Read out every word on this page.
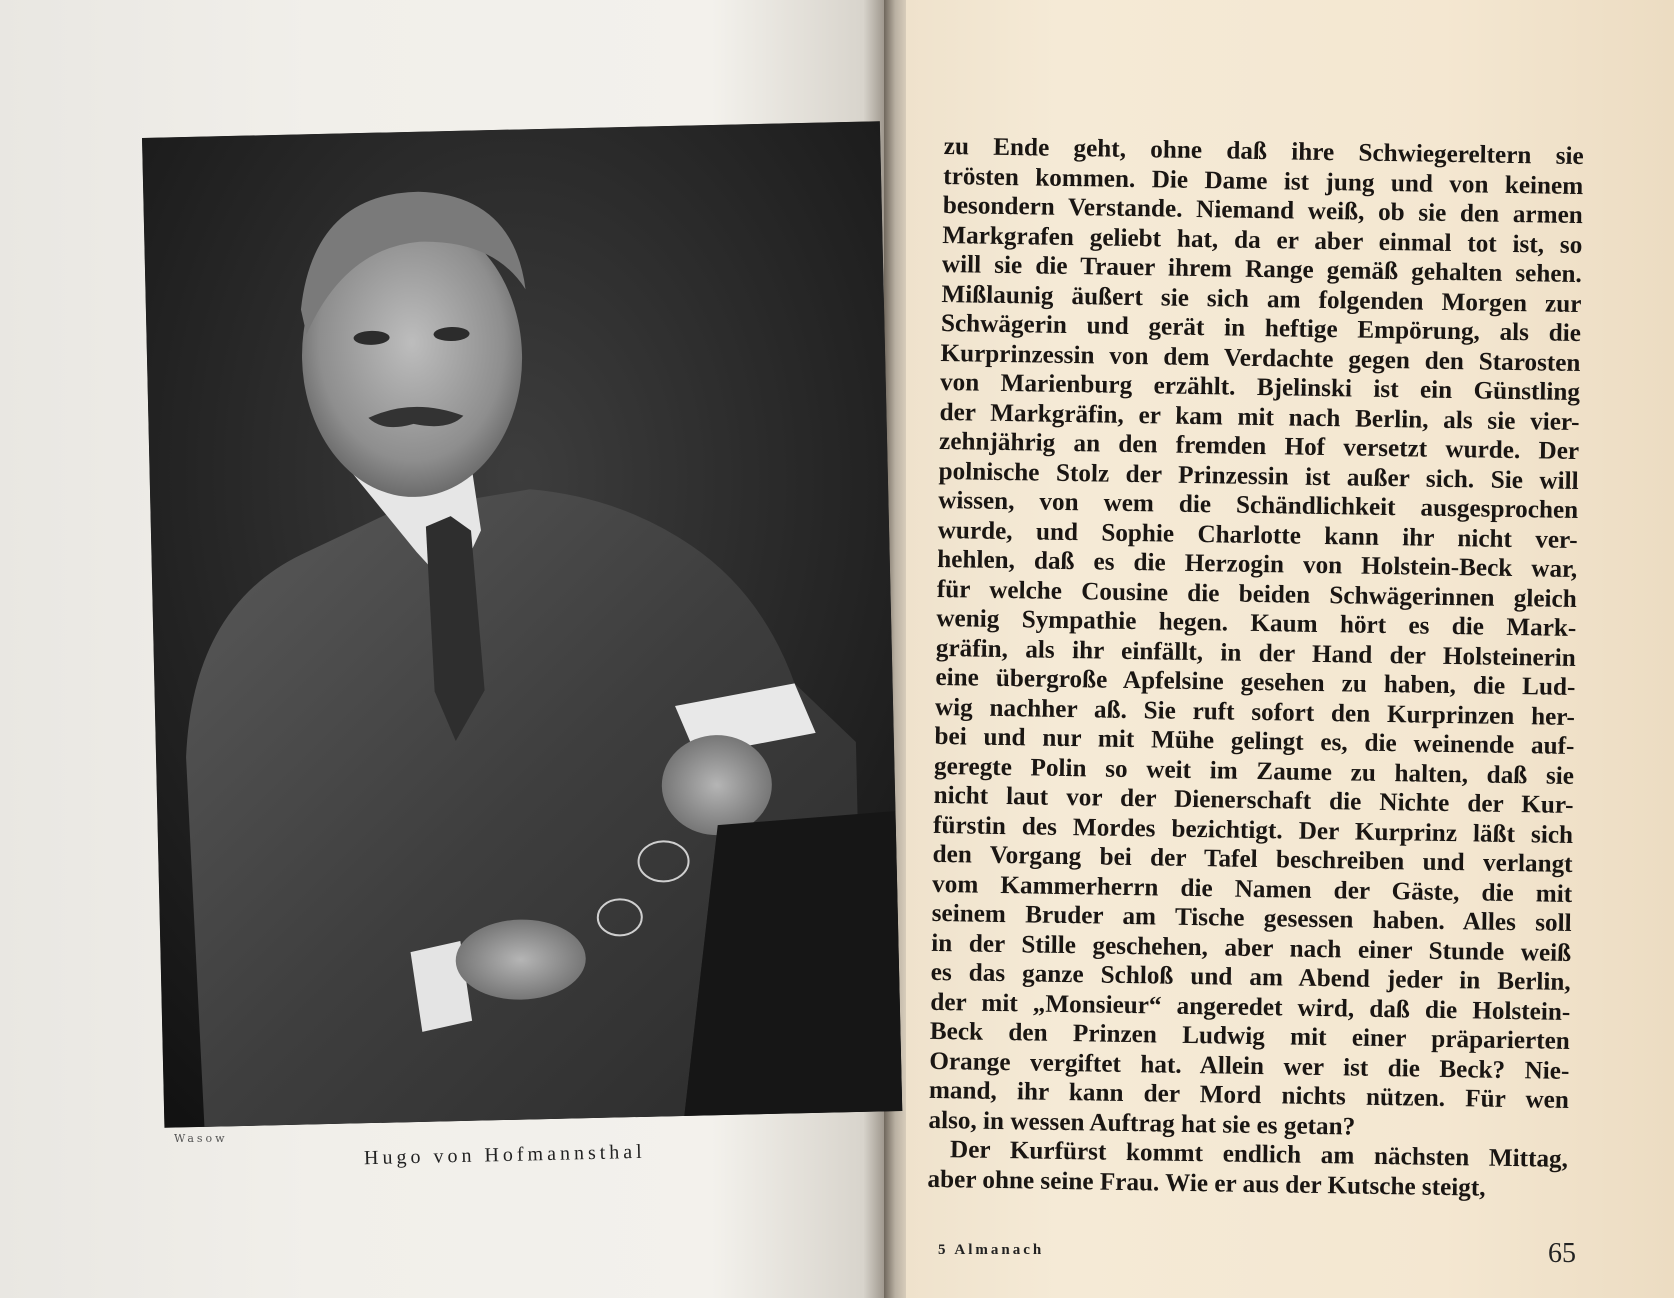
Wasow
Hugo von Hofmannsthal
zu Ende geht, ohne daß ihre Schwiegereltern sie
trösten kommen. Die Dame ist jung und von keinem
besondern Verstande. Niemand weiß, ob sie den armen
Markgrafen geliebt hat, da er aber einmal tot ist, so
will sie die Trauer ihrem Range gemäß gehalten sehen.
Mißlaunig äußert sie sich am folgenden Morgen zur
Schwägerin und gerät in heftige Empörung, als die
Kurprinzessin von dem Verdachte gegen den Starosten
von Marienburg erzählt. Bjelinski ist ein Günstling
der Markgräfin, er kam mit nach Berlin, als sie vier-
zehnjährig an den fremden Hof versetzt wurde. Der
polnische Stolz der Prinzessin ist außer sich. Sie will
wissen, von wem die Schändlichkeit ausgesprochen
wurde, und Sophie Charlotte kann ihr nicht ver-
hehlen, daß es die Herzogin von Holstein-Beck war,
für welche Cousine die beiden Schwägerinnen gleich
wenig Sympathie hegen. Kaum hört es die Mark-
gräfin, als ihr einfällt, in der Hand der Holsteinerin
eine übergroße Apfelsine gesehen zu haben, die Lud-
wig nachher aß. Sie ruft sofort den Kurprinzen her-
bei und nur mit Mühe gelingt es, die weinende auf-
geregte Polin so weit im Zaume zu halten, daß sie
nicht laut vor der Dienerschaft die Nichte der Kur-
fürstin des Mordes bezichtigt. Der Kurprinz läßt sich
den Vorgang bei der Tafel beschreiben und verlangt
vom Kammerherrn die Namen der Gäste, die mit
seinem Bruder am Tische gesessen haben. Alles soll
in der Stille geschehen, aber nach einer Stunde weiß
es das ganze Schloß und am Abend jeder in Berlin,
der mit „Monsieur“ angeredet wird, daß die Holstein-
Beck den Prinzen Ludwig mit einer präparierten
Orange vergiftet hat. Allein wer ist die Beck? Nie-
mand, ihr kann der Mord nichts nützen. Für wen
also, in wessen Auftrag hat sie es getan?
Der Kurfürst kommt endlich am nächsten Mittag,
aber ohne seine Frau. Wie er aus der Kutsche steigt,
5 Almanach	65
